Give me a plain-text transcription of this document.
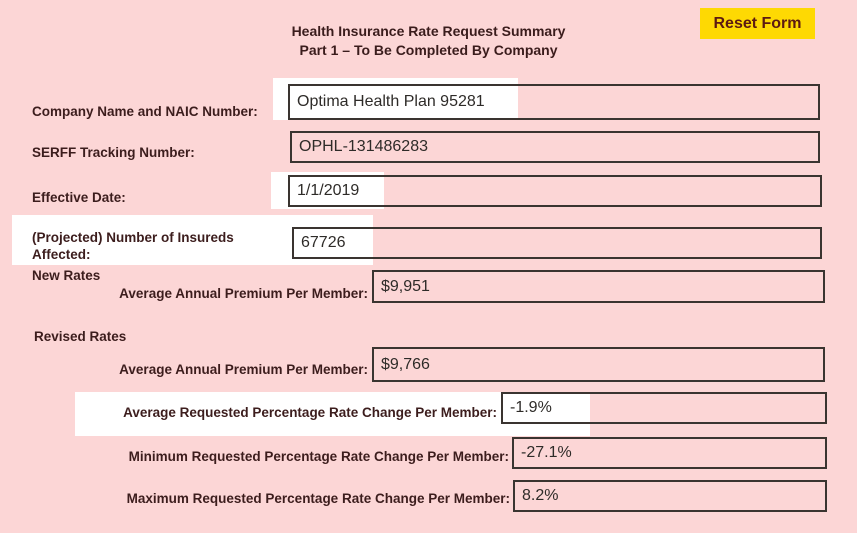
Health Insurance Rate Request Summary
Part 1 – To Be Completed By Company
Reset Form
Company Name and NAIC Number:
Optima Health Plan 95281
SERFF Tracking Number:	OPHL-131486283
Effective Date:	1/1/2019
(Projected) Number of Insureds Affected:
67726
New Rates
Average Annual Premium Per Member: $9,951
Revised Rates
Average Annual Premium Per Member: $9,766
Average Requested Percentage Rate Change Per Member: -1.9%
Minimum Requested Percentage Rate Change Per Member: -27.1%
Maximum Requested Percentage Rate Change Per Member: 8.2%
